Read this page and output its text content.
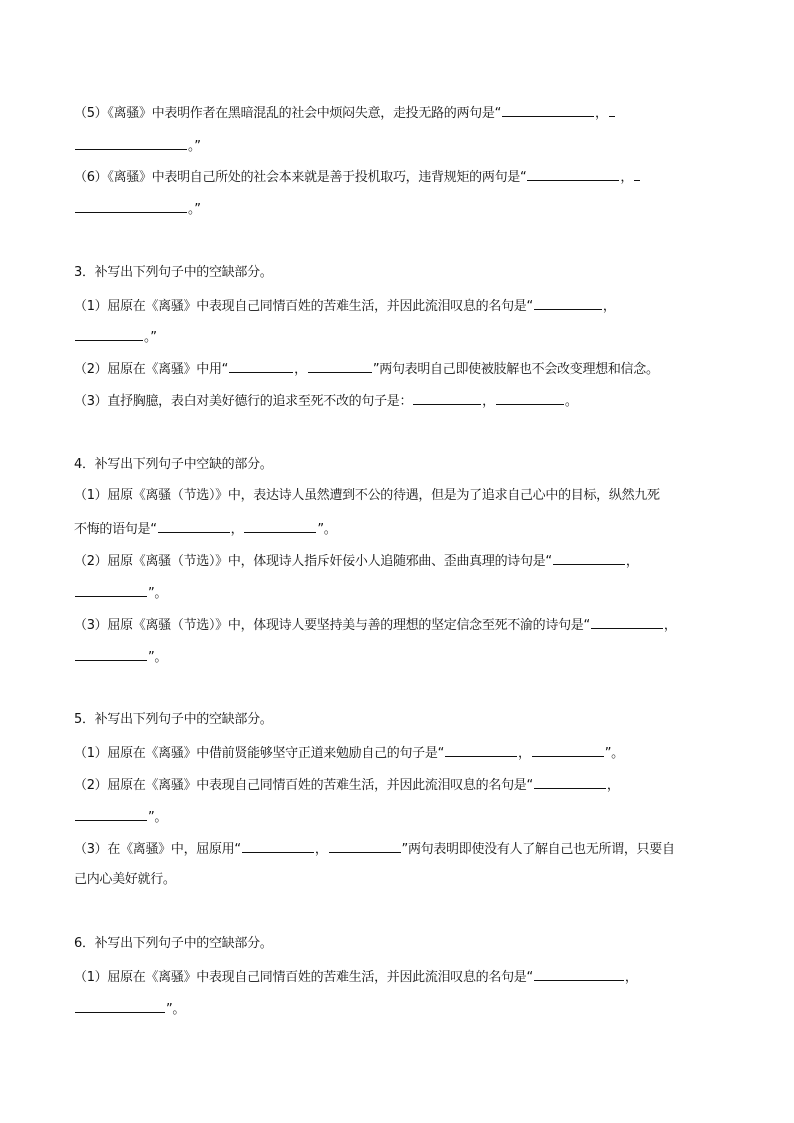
（5）《离骚》中表明作者在黑暗混乱的社会中烦闷失意，走投无路的两句是“	，
。”
（6）《离骚》中表明自己所处的社会本来就是善于投机取巧，违背规矩的两句是“	，
。”
3．补写出下列句子中的空缺部分。
（1）屈原在《离骚》中表现自己同情百姓的苦难生活，并因此流泪叹息的名句是“	，
。”
（2）屈原在《离骚》中用“	，	”两句表明自己即使被肢解也不会改变理想和信念。
（3）直抒胸臆，表白对美好德行的追求至死不改的句子是：	，	。
4．补写出下列句子中空缺的部分。
（1）屈原《离骚（节选）》中，表达诗人虽然遭到不公的待遇，但是为了追求自己心中的目标，纵然九死
不悔的语句是“	，	”。
（2）屈原《离骚（节选）》中，体现诗人指斥奸佞小人追随邪曲、歪曲真理的诗句是“	，
”。
（3）屈原《离骚（节选）》中，体现诗人要坚持美与善的理想的坚定信念至死不渝的诗句是“	，
”。
5．补写出下列句子中的空缺部分。
（1）屈原在《离骚》中借前贤能够坚守正道来勉励自己的句子是“	，	”。
（2）屈原在《离骚》中表现自己同情百姓的苦难生活，并因此流泪叹息的名句是“	，
”。
（3）在《离骚》中，屈原用“	，	”两句表明即使没有人了解自己也无所谓，只要自
己内心美好就行。
6．补写出下列句子中的空缺部分。
（1）屈原在《离骚》中表现自己同情百姓的苦难生活，并因此流泪叹息的名句是“	，
”。
